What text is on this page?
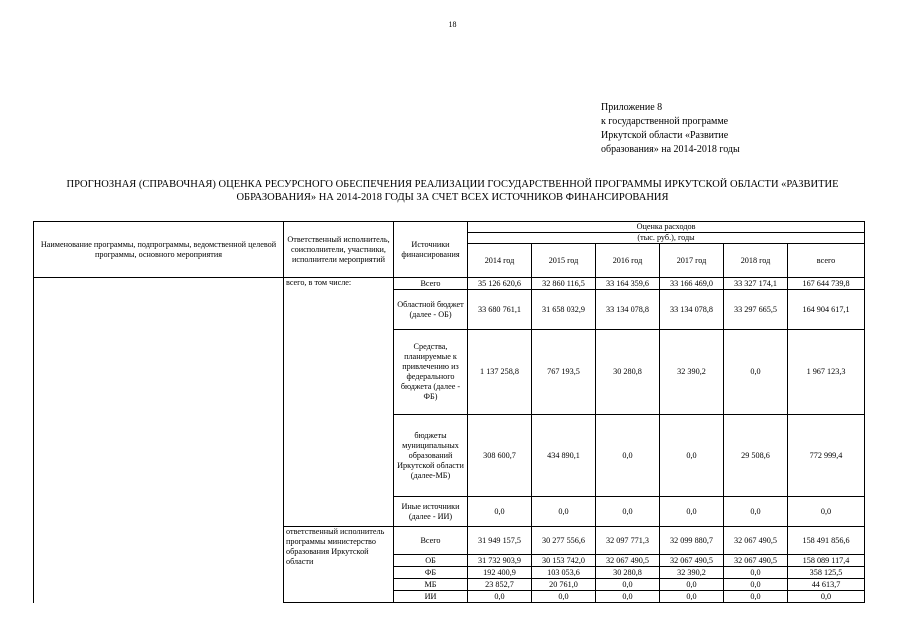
18
Приложение 8
к государственной программе
Иркутской области «Развитие
образования» на 2014-2018 годы
ПРОГНОЗНАЯ (СПРАВОЧНАЯ) ОЦЕНКА РЕСУРСНОГО ОБЕСПЕЧЕНИЯ РЕАЛИЗАЦИИ ГОСУДАРСТВЕННОЙ ПРОГРАММЫ ИРКУТСКОЙ ОБЛАСТИ «РАЗВИТИЕ
ОБРАЗОВАНИЯ» НА 2014-2018 ГОДЫ ЗА СЧЕТ ВСЕХ ИСТОЧНИКОВ ФИНАНСИРОВАНИЯ
Наименование программы, подпрограммы, ведомственной целевой программы, основного мероприятия	Ответственный исполнитель, соисполнители, участники, исполнители мероприятий	Источники финансирования	Оценка расходов					
			(тыс. руб.), годы					
			2014 год	2015 год	2016 год	2017 год	2018 год	всего
	всего, в том числе:	Всего	35 126 620,6	32 860 116,5	33 164 359,6	33 166 469,0	33 327 174,1	167 644 739,8
		Областной бюджет (далее - ОБ)	33 680 761,1	31 658 032,9	33 134 078,8	33 134 078,8	33 297 665,5	164 904 617,1
		Средства, планируемые к привлечению из федерального бюджета (далее - ФБ)	1 137 258,8	767 193,5	30 280,8	32 390,2	0,0	1 967 123,3
		бюджеты муниципальных образований Иркутской области (далее-МБ)	308 600,7	434 890,1	0,0	0,0	29 508,6	772 999,4
		Иные источники (далее - ИИ)	0,0	0,0	0,0	0,0	0,0	0,0
	ответственный исполнитель программы министерство образования Иркутской области	Всего	31 949 157,5	30 277 556,6	32 097 771,3	32 099 880,7	32 067 490,5	158 491 856,6
		ОБ	31 732 903,9	30 153 742,0	32 067 490,5	32 067 490,5	32 067 490,5	158 089 117,4
		ФБ	192 400,9	103 053,6	30 280,8	32 390,2	0,0	358 125,5
		МБ	23 852,7	20 761,0	0,0	0,0	0,0	44 613,7
		ИИ	0,0	0,0	0,0	0,0	0,0	0,0
